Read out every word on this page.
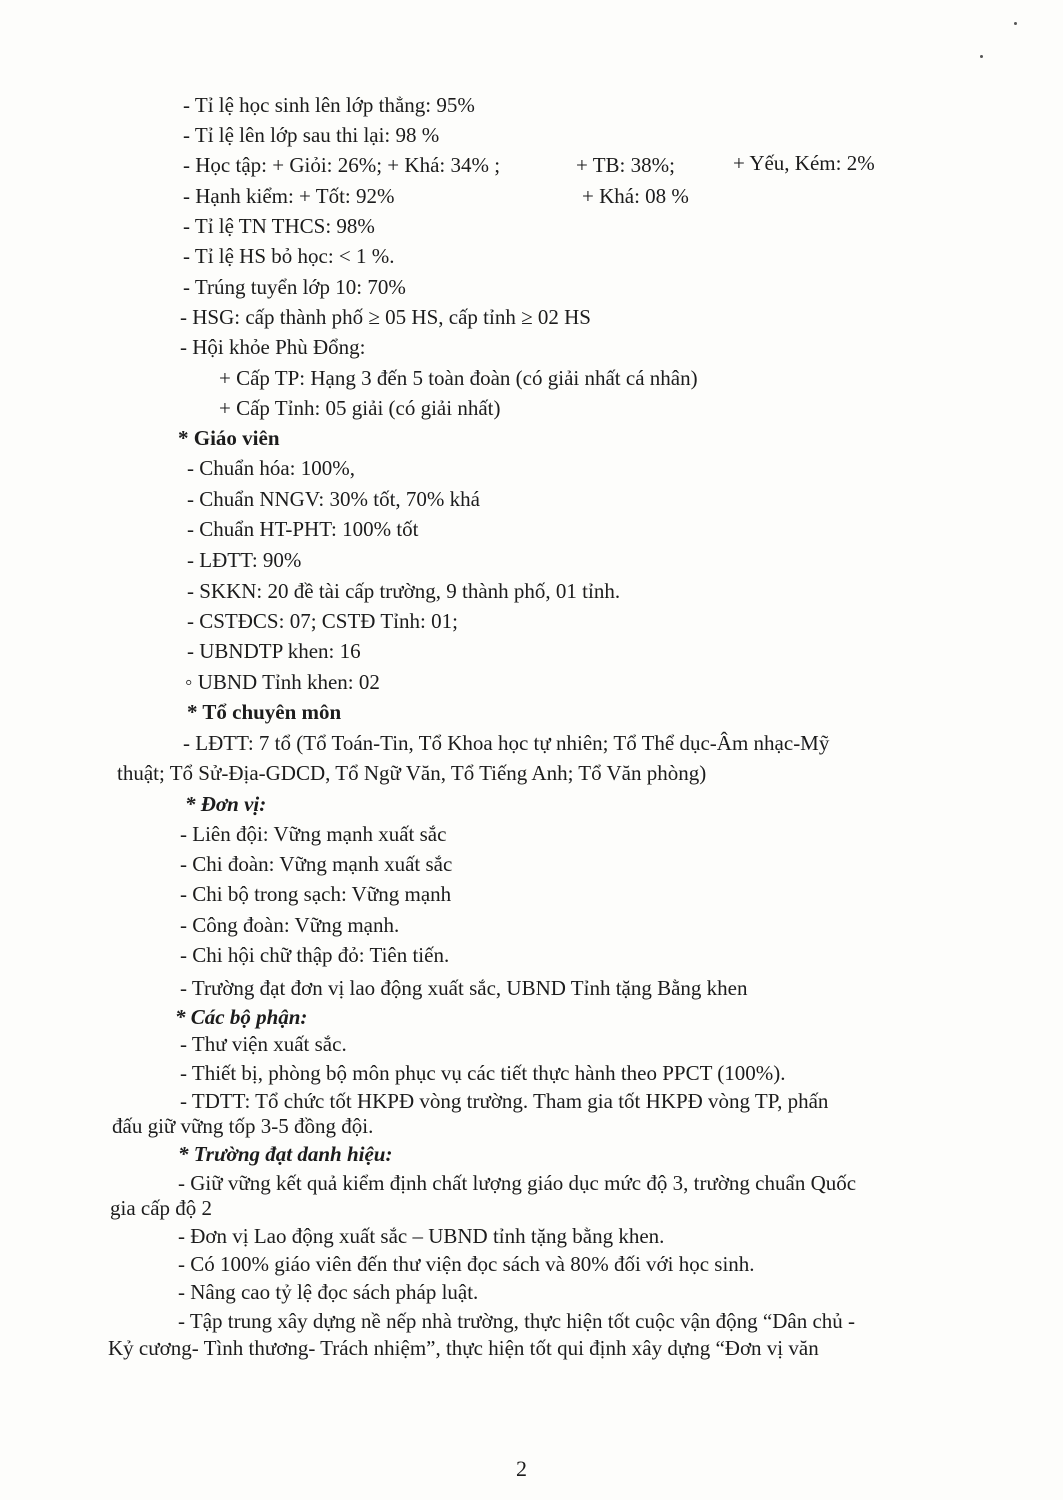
- Tỉ lệ học sinh lên lớp thẳng: 95%
- Tỉ lệ lên lớp sau thi lại: 98 %
- Học tập: + Giỏi: 26%; + Khá: 34% ;	+ TB: 38%;	+ Yếu, Kém: 2%
- Hạnh kiểm: + Tốt: 92%	+ Khá: 08 %
- Tỉ lệ TN THCS: 98%
- Tỉ lệ HS bỏ học: < 1 %.
- Trúng tuyển lớp 10: 70%
- HSG: cấp thành phố ≥ 05 HS, cấp tỉnh ≥ 02 HS
- Hội khỏe Phù Đổng:
+ Cấp TP: Hạng 3 đến 5 toàn đoàn (có giải nhất cá nhân)
+ Cấp Tỉnh: 05 giải (có giải nhất)
* Giáo viên
- Chuẩn hóa: 100%,
- Chuẩn NNGV: 30% tốt, 70% khá
- Chuẩn HT-PHT: 100% tốt
- LĐTT: 90%
- SKKN: 20 đề tài cấp trường, 9 thành phố, 01 tỉnh.
- CSTĐCS: 07; CSTĐ Tỉnh: 01;
- UBNDTP khen: 16
◦ UBND Tỉnh khen: 02
* Tổ chuyên môn
- LĐTT: 7 tổ (Tổ Toán-Tin, Tổ Khoa học tự nhiên; Tổ Thể dục-Âm nhạc-Mỹ
thuật; Tổ Sử-Địa-GDCD, Tổ Ngữ Văn, Tổ Tiếng Anh; Tổ Văn phòng)
* Đơn vị:
- Liên đội: Vững mạnh xuất sắc
- Chi đoàn: Vững mạnh xuất sắc
- Chi bộ trong sạch: Vững mạnh
- Công đoàn: Vững mạnh.
- Chi hội chữ thập đỏ: Tiên tiến.
- Trường đạt đơn vị lao động xuất sắc, UBND Tỉnh tặng Bằng khen
* Các bộ phận:
- Thư viện xuất sắc.
- Thiết bị, phòng bộ môn phục vụ các tiết thực hành theo PPCT (100%).
- TDTT: Tổ chức tốt HKPĐ vòng trường. Tham gia tốt HKPĐ vòng TP, phấn
đấu giữ vững tốp 3-5 đồng đội.
* Trường đạt danh hiệu:
- Giữ vững kết quả kiểm định chất lượng giáo dục mức độ 3, trường chuẩn Quốc
gia cấp độ 2
- Đơn vị Lao động xuất sắc – UBND tỉnh tặng bằng khen.
- Có 100% giáo viên đến thư viện đọc sách và 80% đối với học sinh.
- Nâng cao tỷ lệ đọc sách pháp luật.
- Tập trung xây dựng nề nếp nhà trường, thực hiện tốt cuộc vận động “Dân chủ -
Kỷ cương- Tình thương- Trách nhiệm”, thực hiện tốt qui định xây dựng “Đơn vị văn
2
